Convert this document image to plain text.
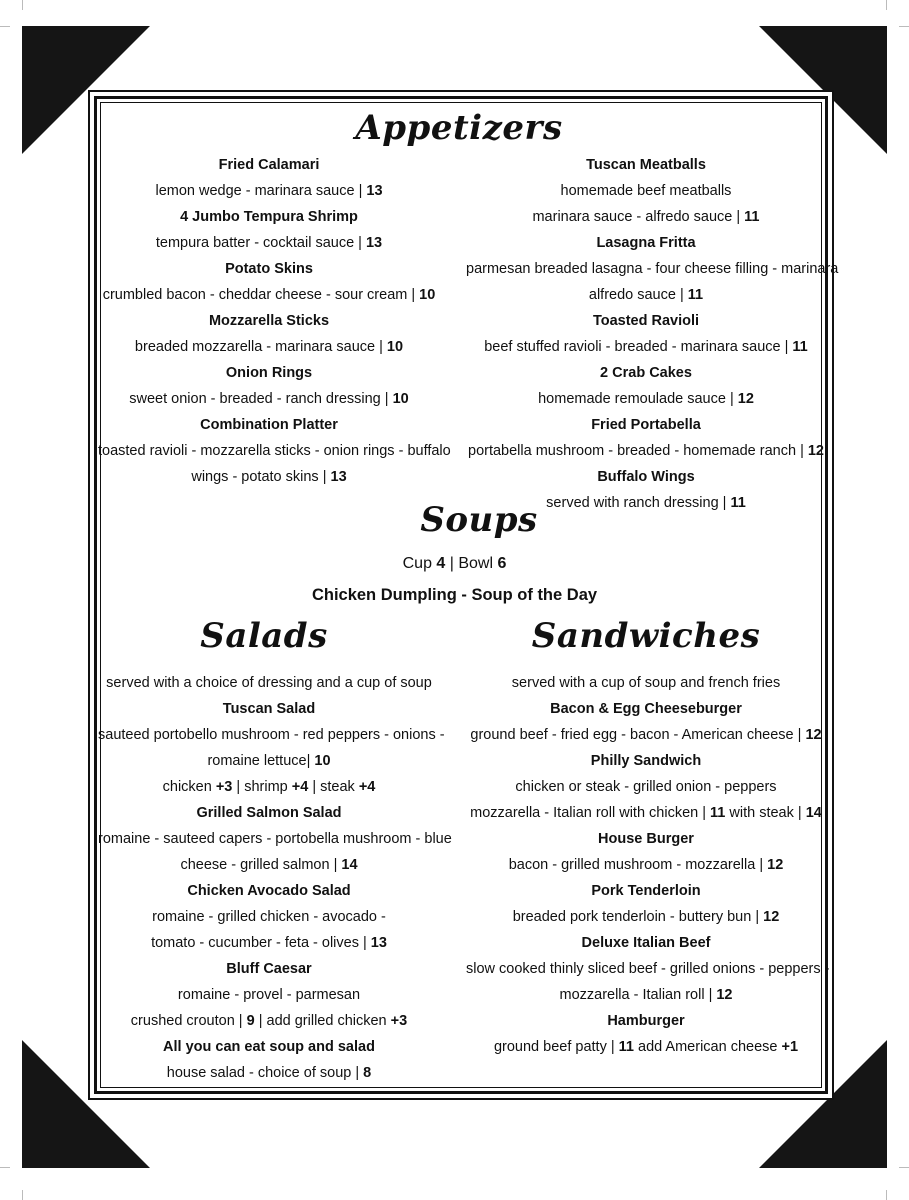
Appetizers
Soups
Salads	Sandwiches
Fried Calamari
lemon wedge - marinara sauce | 13
4 Jumbo Tempura Shrimp
tempura batter - cocktail sauce | 13
Potato Skins
crumbled bacon - cheddar cheese - sour cream | 10
Mozzarella Sticks
breaded mozzarella - marinara sauce | 10
Onion Rings
sweet onion - breaded - ranch dressing | 10
Combination Platter
toasted ravioli - mozzarella sticks - onion rings - buffalo
wings - potato skins | 13
Tuscan Meatballs
homemade beef meatballs
marinara sauce - alfredo sauce | 11
Lasagna Fritta
parmesan breaded lasagna - four cheese filling - marinara
alfredo sauce | 11
Toasted Ravioli
beef stuffed ravioli - breaded - marinara sauce | 11
2 Crab Cakes
homemade remoulade sauce | 12
Fried Portabella
portabella mushroom - breaded - homemade ranch | 12
Buffalo Wings
served with ranch dressing | 11
Cup 4 | Bowl 6
Chicken Dumpling - Soup of the Day
served with a choice of dressing and a cup of soup
Tuscan Salad
sauteed portobello mushroom - red peppers - onions -
romaine lettuce| 10
chicken +3 | shrimp +4 | steak +4
Grilled Salmon Salad
romaine - sauteed capers - portobella mushroom - blue
cheese - grilled salmon | 14
Chicken Avocado Salad
romaine - grilled chicken - avocado -
tomato - cucumber - feta - olives | 13
Bluff Caesar
romaine - provel - parmesan
crushed crouton | 9 | add grilled chicken +3
All you can eat soup and salad
house salad - choice of soup | 8
served with a cup of soup and french fries
Bacon & Egg Cheeseburger
ground beef - fried egg - bacon - American cheese | 12
Philly Sandwich
chicken or steak - grilled onion - peppers
mozzarella - Italian roll with chicken | 11 with steak | 14
House Burger
bacon - grilled mushroom - mozzarella | 12
Pork Tenderloin
breaded pork tenderloin - buttery bun | 12
Deluxe Italian Beef
slow cooked thinly sliced beef - grilled onions - peppers -
mozzarella - Italian roll | 12
Hamburger
ground beef patty | 11 add American cheese +1
